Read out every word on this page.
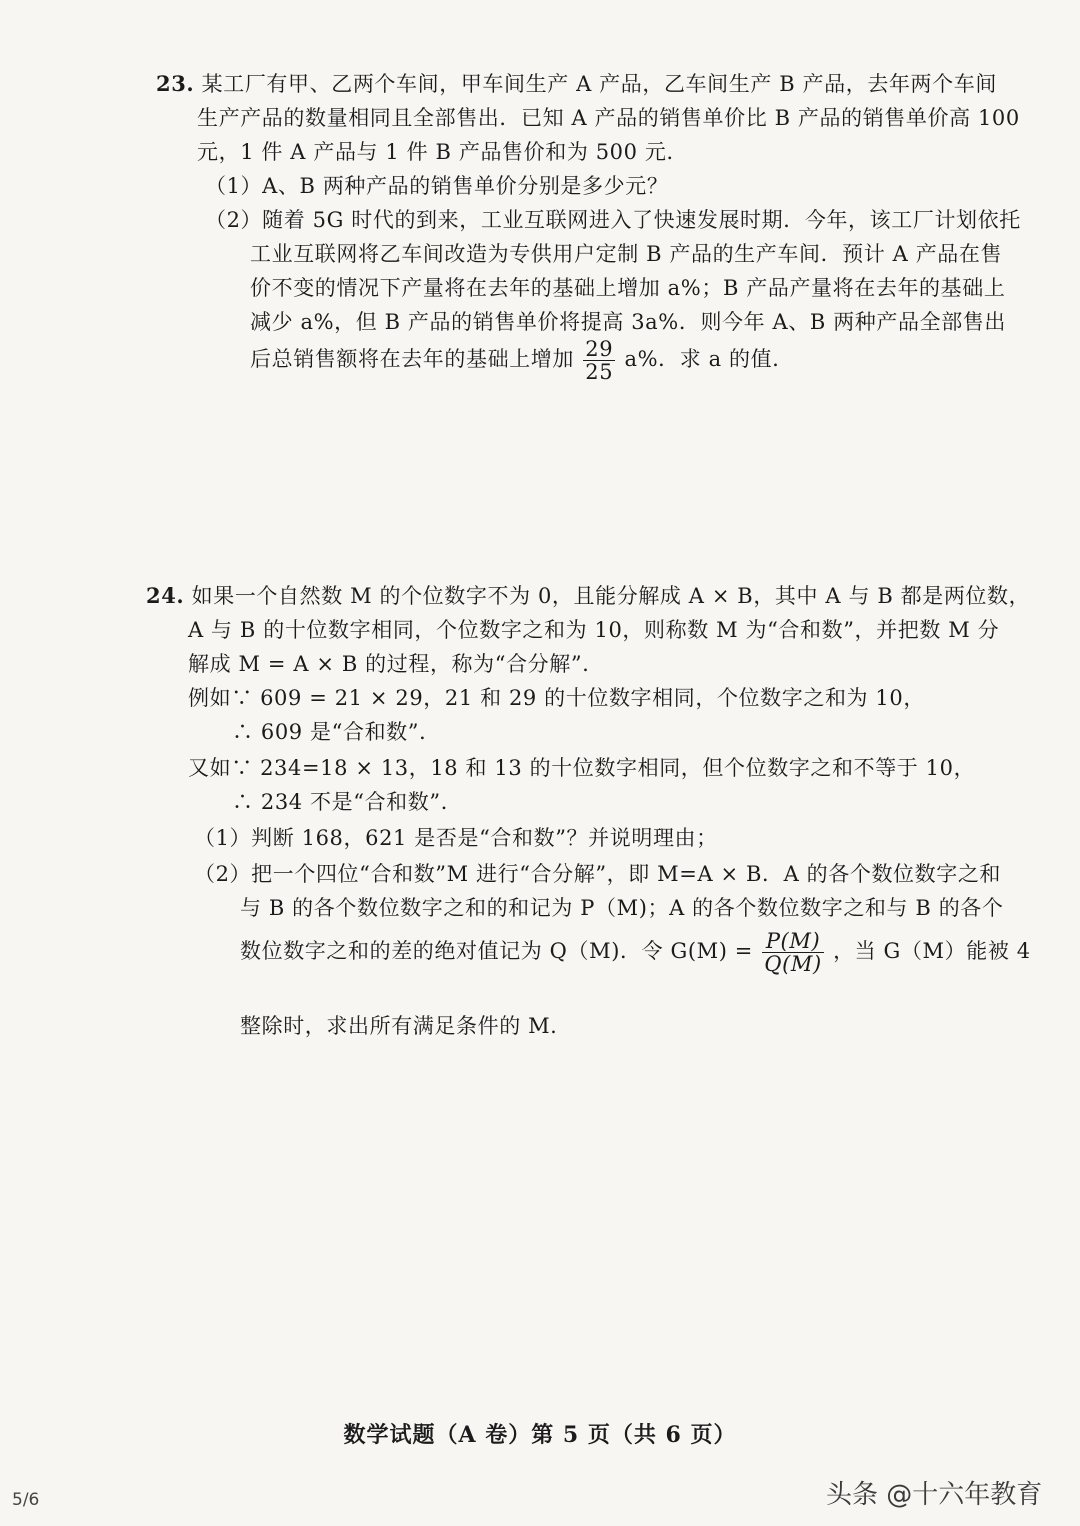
23. 某工厂有甲、乙两个车间，甲车间生产 A 产品，乙车间生产 B 产品，去年两个车间
生产产品的数量相同且全部售出．已知 A 产品的销售单价比 B 产品的销售单价高 100
元，1 件 A 产品与 1 件 B 产品售价和为 500 元．
（1）A、B 两种产品的销售单价分别是多少元？
（2）随着 5G 时代的到来，工业互联网进入了快速发展时期．今年，该工厂计划依托
工业互联网将乙车间改造为专供用户定制 B 产品的生产车间．预计 A 产品在售
价不变的情况下产量将在去年的基础上增加 a%；B 产品产量将在去年的基础上
减少 a%，但 B 产品的销售单价将提高 3a%．则今年 A、B 两种产品全部售出
后总销售额将在去年的基础上增加 $\frac{29}{25} a\%$．求 a 的值．
24. 如果一个自然数 M 的个位数字不为 0，且能分解成 A × B，其中 A 与 B 都是两位数，
A 与 B 的十位数字相同，个位数字之和为 10，则称数 M 为“合和数”，并把数 M 分
解成 M = A × B 的过程，称为“合分解”．
例如∵ 609 = 21 × 29，21 和 29 的十位数字相同，个位数字之和为 10，
∴ 609 是“合和数”．
又如∵ 234=18 × 13，18 和 13 的十位数字相同，但个位数字之和不等于 10，
∴ 234 不是“合和数”．
（1）判断 168，621 是否是“合和数”？并说明理由；
（2）把一个四位“合和数”M 进行“合分解”，即 M=A × B．A 的各个数位数字之和
与 B 的各个数位数字之和的和记为 P（M)；A 的各个数位数字之和与 B 的各个
数位数字之和的差的绝对值记为 Q（M)．令 $G(M) = \frac{P(M)}{Q(M)}$ ，当 G（M）能被 4
整除时，求出所有满足条件的 M.
数学试题（A 卷）第 5 页（共 6 页）
5/6	头条 @十六年教育
